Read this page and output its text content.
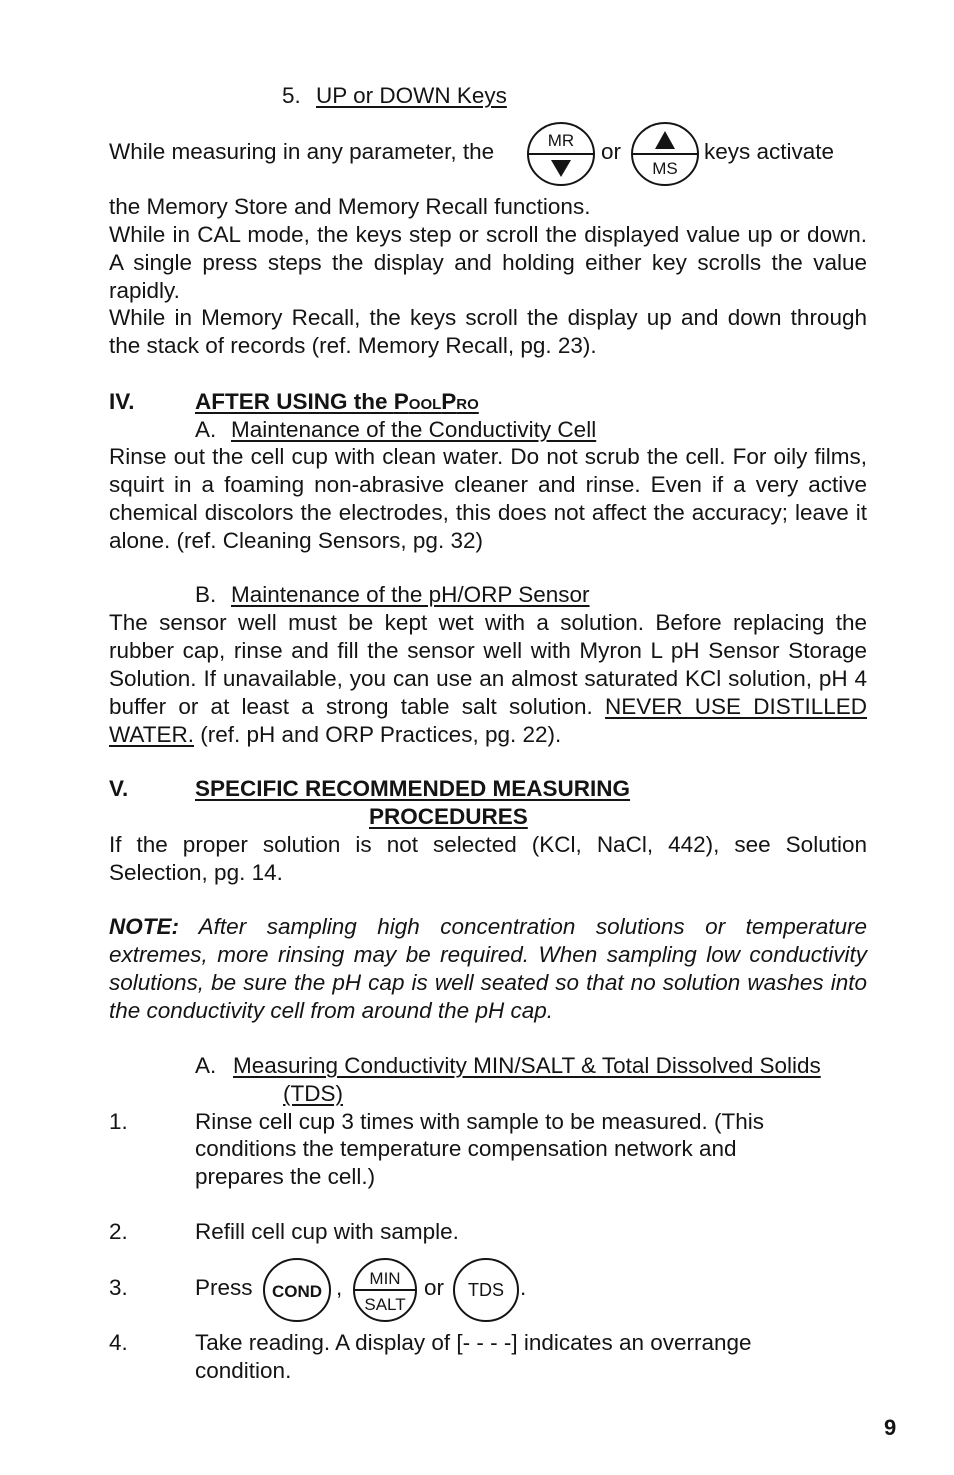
5. UP or DOWN Keys
While measuring in any parameter, the	MR or
MS
keys activate
the Memory Store and Memory Recall functions.
While in CAL mode, the keys step or scroll the displayed value up or down. A single press steps the display and holding either key scrolls the value rapidly.
While in Memory Recall, the keys scroll the display up and down through the stack of records (ref. Memory Recall, pg. 23).
IV.	AFTER USING the POOLPRO
A. Maintenance of the Conductivity Cell
Rinse out the cell cup with clean water. Do not scrub the cell. For oily films, squirt in a foaming non-abrasive cleaner and rinse. Even if a very active chemical discolors the electrodes, this does not affect the accuracy; leave it alone. (ref. Cleaning Sensors, pg. 32)
B. Maintenance of the pH/ORP Sensor
The sensor well must be kept wet with a solution. Before replacing the rubber cap, rinse and fill the sensor well with Myron L pH Sensor Storage Solution. If unavailable, you can use an almost saturated KCl solution, pH 4 buffer or at least a strong table salt solution. NEVER USE DISTILLED WATER. (ref. pH and ORP Practices, pg. 22).
V.	SPECIFIC RECOMMENDED MEASURING
PROCEDURES
If the proper solution is not selected (KCl, NaCl, 442), see Solution Selection, pg. 14.
NOTE: After sampling high concentration solutions or temperature extremes, more rinsing may be required. When sampling low conductivity solutions, be sure the pH cap is well seated so that no solution washes into the conductivity cell from around the pH cap.
A. Measuring Conductivity MIN/SALT & Total Dissolved Solids
(TDS)
1.	Rinse cell cup 3 times with sample to be measured. (This
conditions the temperature compensation network and
prepares the cell.)
2.	Refill cell cup with sample.
3.	Press COND , MIN
SALT
or TDS .
4.	Take reading. A display of [- - - -] indicates an overrange
condition.
9
